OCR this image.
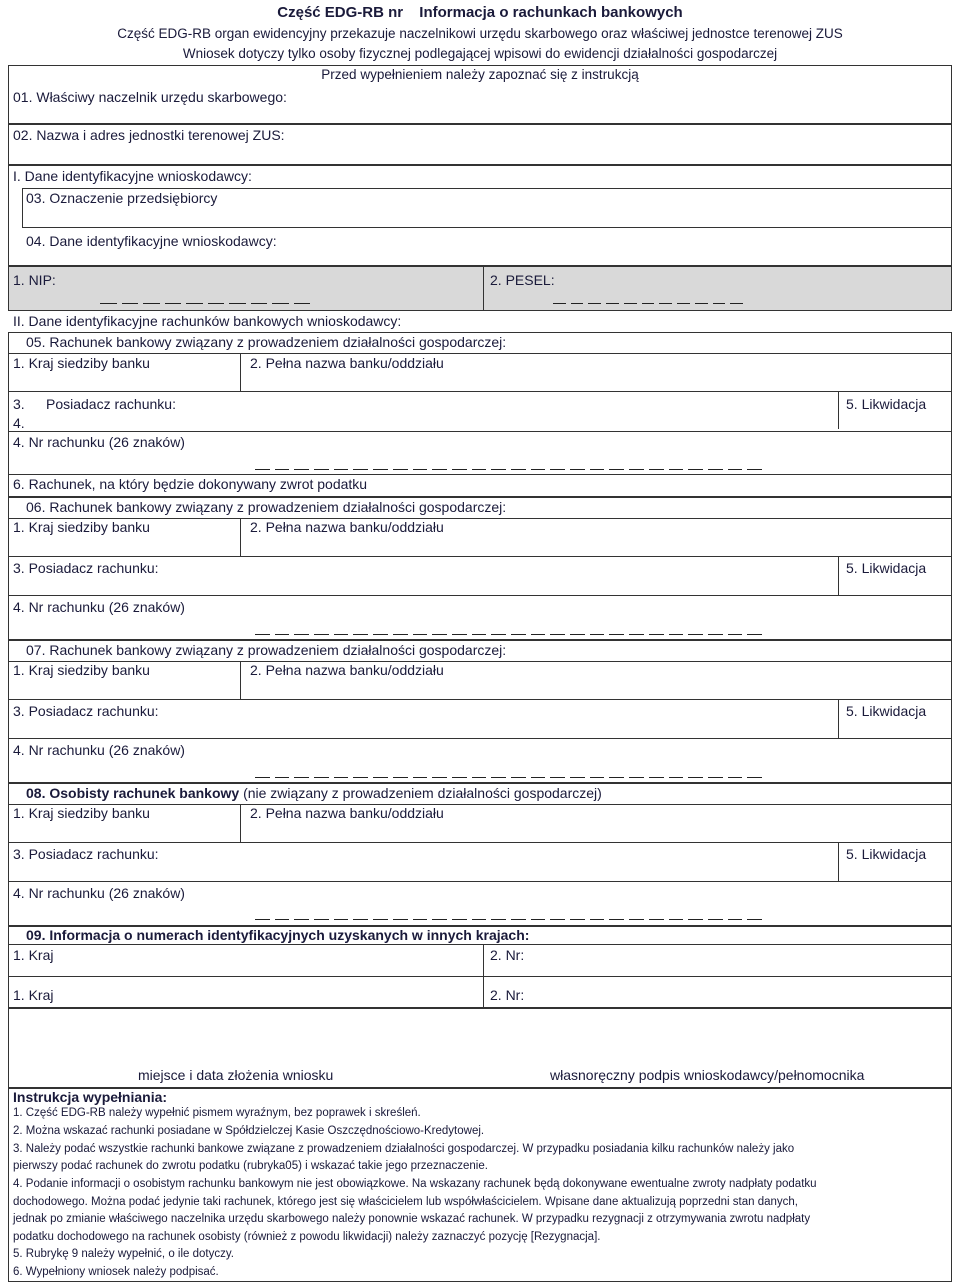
Część EDG-RB nr Informacja o rachunkach bankowych
Część EDG-RB organ ewidencyjny przekazuje naczelnikowi urzędu skarbowego oraz właściwej jednostce terenowej ZUS
Wniosek dotyczy tylko osoby fizycznej podlegającej wpisowi do ewidencji działalności gospodarczej
Przed wypełnieniem należy zapoznać się z instrukcją
01. Właściwy naczelnik urzędu skarbowego:
02. Nazwa i adres jednostki terenowej ZUS:
I. Dane identyfikacyjne wnioskodawcy:
03. Oznaczenie przedsiębiorcy
04. Dane identyfikacyjne wnioskodawcy:
1. NIP:	2. PESEL:
II. Dane identyfikacyjne rachunków bankowych wnioskodawcy:
05. Rachunek bankowy związany z prowadzeniem działalności gospodarczej:
1. Kraj siedziby banku	2. Pełna nazwa banku/oddziału
3. Posiadacz rachunku:	5. Likwidacja
4.
4. Nr rachunku (26 znaków)
6. Rachunek, na który będzie dokonywany zwrot podatku
06. Rachunek bankowy związany z prowadzeniem działalności gospodarczej:
1. Kraj siedziby banku	2. Pełna nazwa banku/oddziału
3. Posiadacz rachunku:	5. Likwidacja
4. Nr rachunku (26 znaków)
07. Rachunek bankowy związany z prowadzeniem działalności gospodarczej:
1. Kraj siedziby banku	2. Pełna nazwa banku/oddziału
3. Posiadacz rachunku:	5. Likwidacja
4. Nr rachunku (26 znaków)
08. Osobisty rachunek bankowy (nie związany z prowadzeniem działalności gospodarczej)
1. Kraj siedziby banku	2. Pełna nazwa banku/oddziału
3. Posiadacz rachunku:	5. Likwidacja
4. Nr rachunku (26 znaków)
09. Informacja o numerach identyfikacyjnych uzyskanych w innych krajach:
1. Kraj	2. Nr:
1. Kraj	2. Nr:
miejsce i data złożenia wniosku	własnoręczny podpis wnioskodawcy/pełnomocnika
Instrukcja wypełniania:
1. Część EDG-RB należy wypełnić pismem wyraźnym, bez poprawek i skreśleń.
2. Można wskazać rachunki posiadane w Spółdzielczej Kasie Oszczędnościowo-Kredytowej.
3. Należy podać wszystkie rachunki bankowe związane z prowadzeniem działalności gospodarczej. W przypadku posiadania kilku rachunków należy jako
pierwszy podać rachunek do zwrotu podatku (rubryka05) i wskazać takie jego przeznaczenie.
4. Podanie informacji o osobistym rachunku bankowym nie jest obowiązkowe. Na wskazany rachunek będą dokonywane ewentualne zwroty nadpłaty podatku
dochodowego. Można podać jedynie taki rachunek, którego jest się właścicielem lub współwłaścicielem. Wpisane dane aktualizują poprzedni stan danych,
jednak po zmianie właściwego naczelnika urzędu skarbowego należy ponownie wskazać rachunek. W przypadku rezygnacji z otrzymywania zwrotu nadpłaty
podatku dochodowego na rachunek osobisty (również z powodu likwidacji) należy zaznaczyć pozycję [Rezygnacja].
5. Rubrykę 9 należy wypełnić, o ile dotyczy.
6. Wypełniony wniosek należy podpisać.
